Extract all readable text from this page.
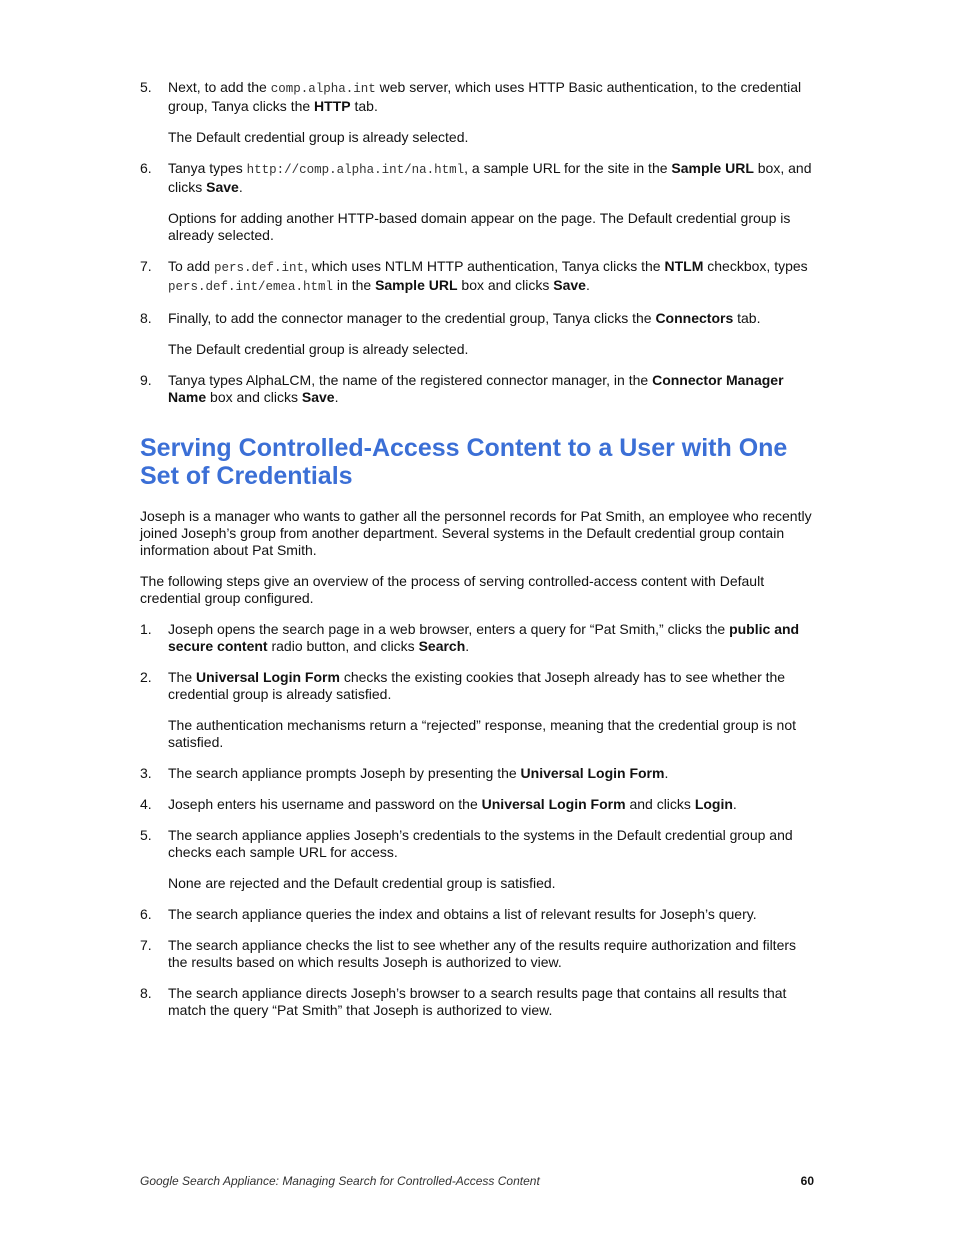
5.	Next, to add the comp.alpha.int web server, which uses HTTP Basic authentication, to the credential group, Tanya clicks the HTTP tab.

The Default credential group is already selected.

6.	Tanya types http://comp.alpha.int/na.html, a sample URL for the site in the Sample URL box, and clicks Save.

Options for adding another HTTP-based domain appear on the page. The Default credential group is already selected.

7.	To add pers.def.int, which uses NTLM HTTP authentication, Tanya clicks the NTLM checkbox, types pers.def.int/emea.html in the Sample URL box and clicks Save.

8.	Finally, to add the connector manager to the credential group, Tanya clicks the Connectors tab.

The Default credential group is already selected.

9.	Tanya types AlphaLCM, the name of the registered connector manager, in the Connector Manager Name box and clicks Save.

Serving Controlled-Access Content to a User with One Set of Credentials

Joseph is a manager who wants to gather all the personnel records for Pat Smith, an employee who recently joined Joseph’s group from another department. Several systems in the Default credential group contain information about Pat Smith.

The following steps give an overview of the process of serving controlled-access content with Default credential group configured.

1.	Joseph opens the search page in a web browser, enters a query for “Pat Smith,” clicks the public and secure content radio button, and clicks Search.

2.	The Universal Login Form checks the existing cookies that Joseph already has to see whether the credential group is already satisfied.

The authentication mechanisms return a “rejected” response, meaning that the credential group is not satisfied.

3.	The search appliance prompts Joseph by presenting the Universal Login Form.

4.	Joseph enters his username and password on the Universal Login Form and clicks Login.

5.	The search appliance applies Joseph’s credentials to the systems in the Default credential group and checks each sample URL for access.

None are rejected and the Default credential group is satisfied.

6.	The search appliance queries the index and obtains a list of relevant results for Joseph’s query.

7.	The search appliance checks the list to see whether any of the results require authorization and filters the results based on which results Joseph is authorized to view.

8.	The search appliance directs Joseph’s browser to a search results page that contains all results that match the query “Pat Smith” that Joseph is authorized to view.

Google Search Appliance: Managing Search for Controlled-Access Content	60
